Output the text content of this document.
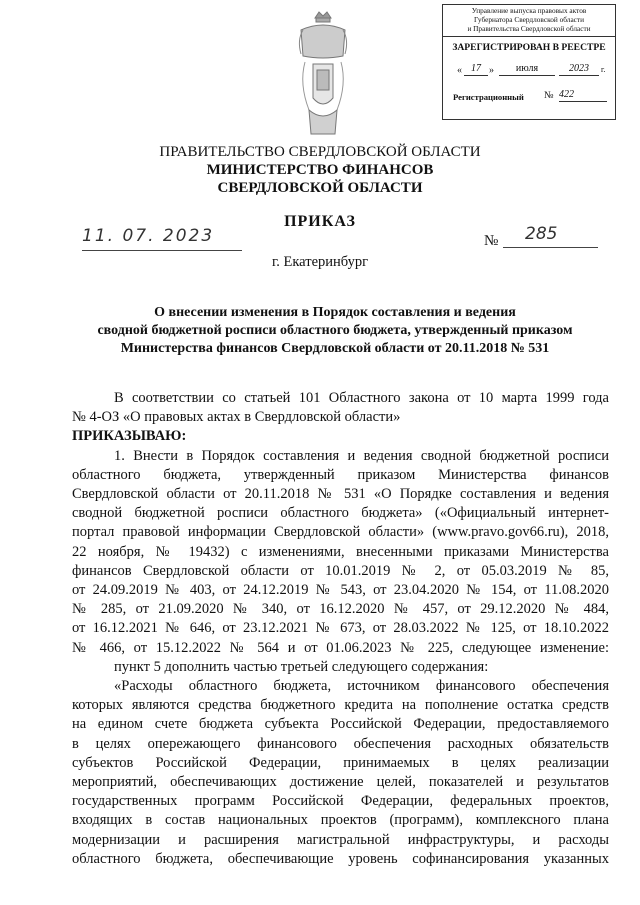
Управление выпуска правовых актов
Губернатора Свердловской области
и Правительства Свердловской области
ЗАРЕГИСТРИРОВАН В РЕЕСТРЕ
« 17 »	июля	2023	г.
Регистрационный № 422
ПРАВИТЕЛЬСТВО СВЕРДЛОВСКОЙ ОБЛАСТИ
МИНИСТЕРСТВО ФИНАНСОВ
СВЕРДЛОВСКОЙ ОБЛАСТИ
ПРИКАЗ
11. 07. 2023	№	285
г. Екатеринбург
О внесении изменения в Порядок составления и ведения
сводной бюджетной росписи областного бюджета, утвержденный приказом
Министерства финансов Свердловской области от 20.11.2018 № 531

В соответствии со статьей 101 Областного закона от 10 марта 1999 года

№ 4-ОЗ «О правовых актах в Свердловской области»

ПРИКАЗЫВАЮ:

1. Внести в Порядок составления и ведения сводной бюджетной росписи

областного бюджета, утвержденный приказом Министерства финансов

Свердловской области от 20.11.2018 № 531 «О Порядке составления и ведения

сводной бюджетной росписи областного бюджета» («Официальный интернет-

портал правовой информации Свердловской области» (www.pravo.gov66.ru), 2018,

22 ноября, № 19432) с изменениями, внесенными приказами Министерства

финансов Свердловской области от 10.01.2019 № 2, от 05.03.2019 № 85,

от 24.09.2019 № 403, от 24.12.2019 № 543, от 23.04.2020 № 154, от 11.08.2020

№ 285, от 21.09.2020 № 340, от 16.12.2020 № 457, от 29.12.2020 № 484,

от 16.12.2021 № 646, от 23.12.2021 № 673, от 28.03.2022 № 125, от 18.10.2022

№ 466, от 15.12.2022 № 564 и от 01.06.2023 № 225, следующее изменение:

пункт 5 дополнить частью третьей следующего содержания:

«Расходы областного бюджета, источником финансового обеспечения

которых являются средства бюджетного кредита на пополнение остатка средств

на едином счете бюджета субъекта Российской Федерации, предоставляемого

в целях опережающего финансового обеспечения расходных обязательств

субъектов Российской Федерации, принимаемых в целях реализации

мероприятий, обеспечивающих достижение целей, показателей и результатов

государственных программ Российской Федерации, федеральных проектов,

входящих в состав национальных проектов (программ), комплексного плана

модернизации и расширения магистральной инфраструктуры, и расходы

областного бюджета, обеспечивающие уровень софинансирования указанных
